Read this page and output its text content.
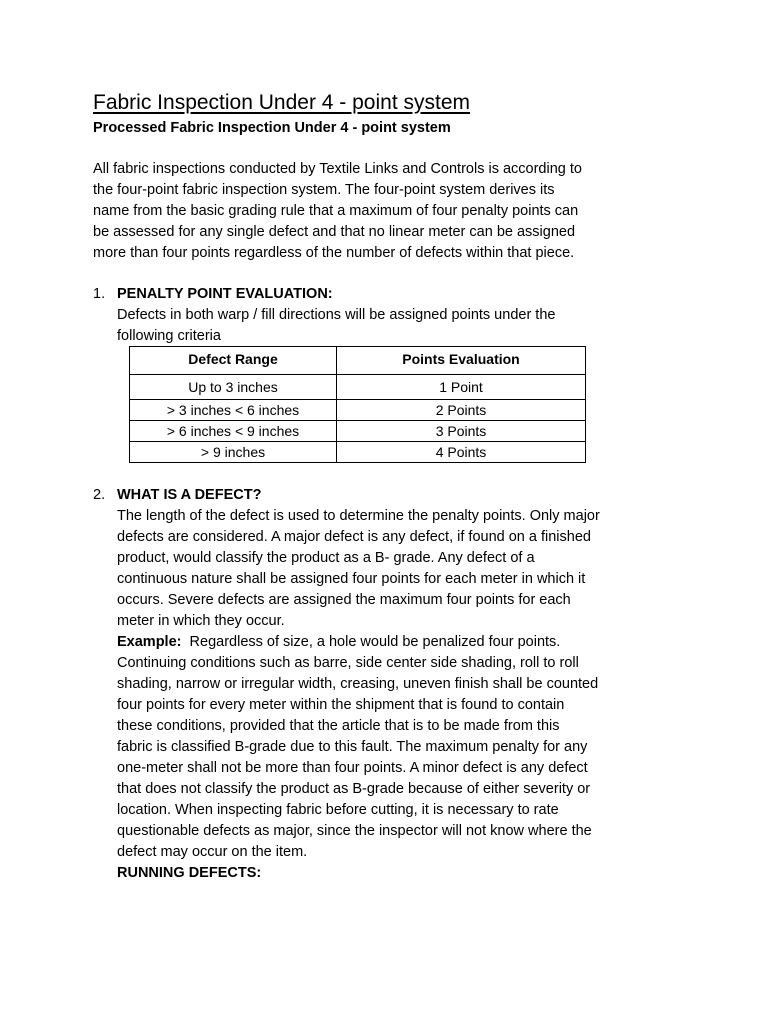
Fabric Inspection Under 4 - point system
Processed Fabric Inspection Under 4 - point system
All fabric inspections conducted by Textile Links and Controls is according to
the four-point fabric inspection system. The four-point system derives its
name from the basic grading rule that a maximum of four penalty points can
be assessed for any single defect and that no linear meter can be assigned
more than four points regardless of the number of defects within that piece.
1. PENALTY POINT EVALUATION:
Defects in both warp / fill directions will be assigned points under the
following criteria
Defect Range	Points Evaluation
Up to 3 inches	1 Point
> 3 inches < 6 inches	2 Points
> 6 inches < 9 inches	3 Points
> 9 inches	4 Points
2. WHAT IS A DEFECT?
The length of the defect is used to determine the penalty points. Only major
defects are considered. A major defect is any defect, if found on a finished
product, would classify the product as a B- grade. Any defect of a
continuous nature shall be assigned four points for each meter in which it
occurs. Severe defects are assigned the maximum four points for each
meter in which they occur.
Example:  Regardless of size, a hole would be penalized four points.
Continuing conditions such as barre, side center side shading, roll to roll
shading, narrow or irregular width, creasing, uneven finish shall be counted
four points for every meter within the shipment that is found to contain
these conditions, provided that the article that is to be made from this
fabric is classified B-grade due to this fault. The maximum penalty for any
one-meter shall not be more than four points. A minor defect is any defect
that does not classify the product as B-grade because of either severity or
location. When inspecting fabric before cutting, it is necessary to rate
questionable defects as major, since the inspector will not know where the
defect may occur on the item.
RUNNING DEFECTS:
